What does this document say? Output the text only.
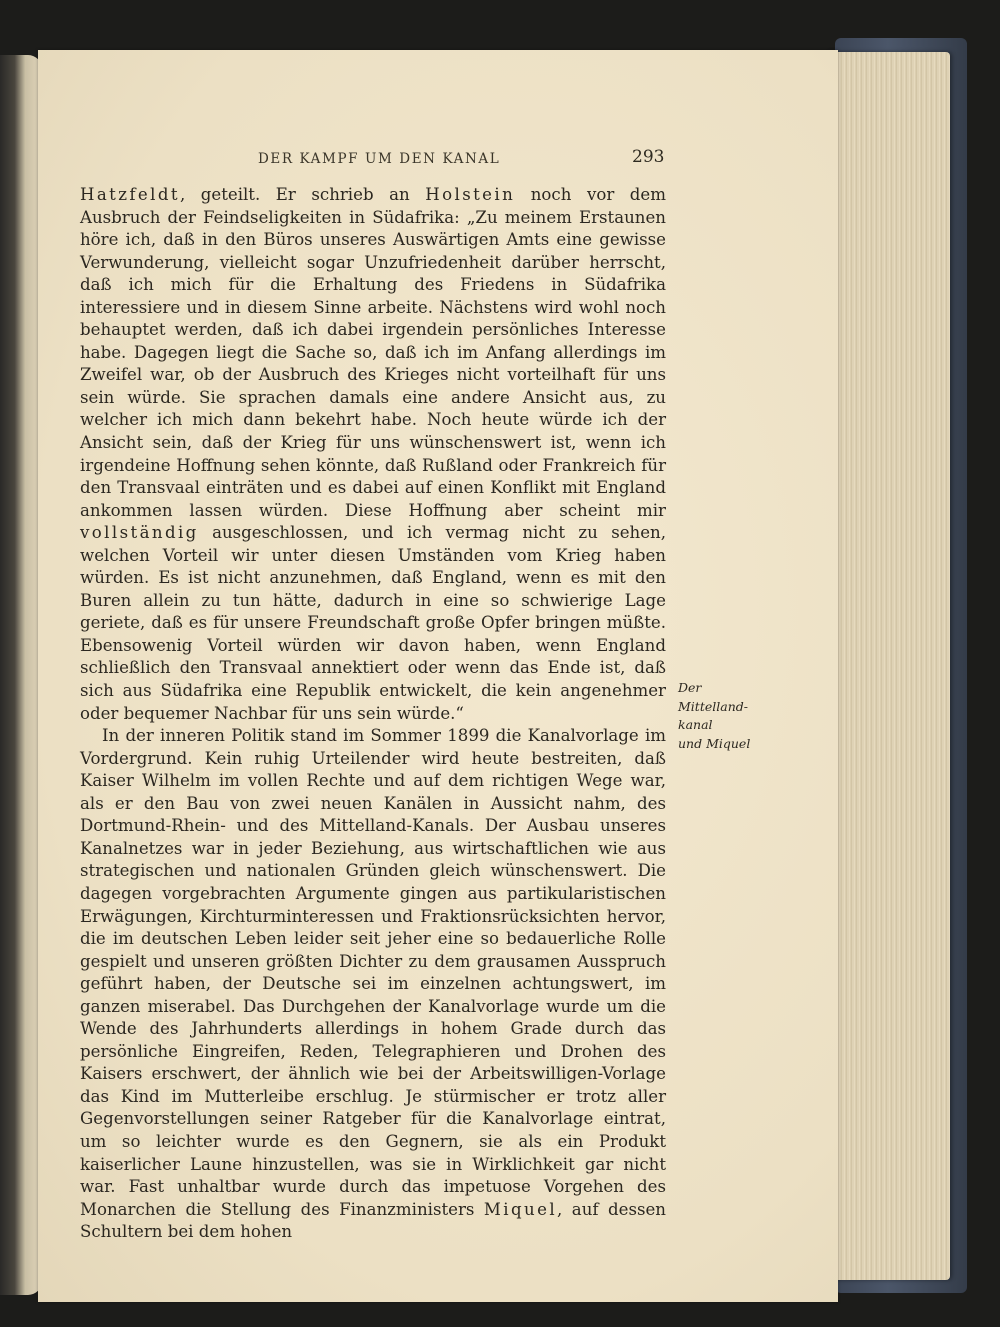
DER KAMPF UM DEN KANAL	293

Hatzfeldt, geteilt. Er schrieb an Holstein noch vor dem Ausbruch der Feindseligkeiten in Südafrika: „Zu meinem Erstaunen höre ich, daß in den Büros unseres Auswärtigen Amts eine gewisse Verwunderung, vielleicht sogar Unzufriedenheit darüber herrscht, daß ich mich für die Erhaltung des Friedens in Südafrika interessiere und in diesem Sinne arbeite. Nächstens wird wohl noch behauptet werden, daß ich dabei irgendein persönliches Interesse habe. Dagegen liegt die Sache so, daß ich im Anfang allerdings im Zweifel war, ob der Ausbruch des Krieges nicht vorteilhaft für uns sein würde. Sie sprachen damals eine andere Ansicht aus, zu welcher ich mich dann bekehrt habe. Noch heute würde ich der Ansicht sein, daß der Krieg für uns wünschenswert ist, wenn ich irgendeine Hoffnung sehen könnte, daß Rußland oder Frankreich für den Transvaal einträten und es dabei auf einen Konflikt mit England ankommen lassen würden. Diese Hoffnung aber scheint mir vollständig ausgeschlossen, und ich vermag nicht zu sehen, welchen Vorteil wir unter diesen Umständen vom Krieg haben würden. Es ist nicht anzunehmen, daß England, wenn es mit den Buren allein zu tun hätte, dadurch in eine so schwierige Lage geriete, daß es für unsere Freundschaft große Opfer bringen müßte. Ebensowenig Vorteil würden wir davon haben, wenn England schließlich den Transvaal annektiert oder wenn das Ende ist, daß sich aus Südafrika eine Republik entwickelt, die kein angenehmer oder bequemer Nachbar für uns sein würde.“

In der inneren Politik stand im Sommer 1899 die Kanalvorlage im Vordergrund. Kein ruhig Urteilender wird heute bestreiten, daß Kaiser Wilhelm im vollen Rechte und auf dem richtigen Wege war, als er den Bau von zwei neuen Kanälen in Aussicht nahm, des Dortmund-Rhein- und des Mittelland-Kanals. Der Ausbau unseres Kanalnetzes war in jeder Beziehung, aus wirtschaftlichen wie aus strategischen und nationalen Gründen gleich wünschenswert. Die dagegen vorgebrachten Argumente gingen aus partikularistischen Erwägungen, Kirchturminteressen und Fraktionsrücksichten hervor, die im deutschen Leben leider seit jeher eine so bedauerliche Rolle gespielt und unseren größten Dichter zu dem grausamen Ausspruch geführt haben, der Deutsche sei im einzelnen achtungswert, im ganzen miserabel. Das Durchgehen der Kanalvorlage wurde um die Wende des Jahrhunderts allerdings in hohem Grade durch das persönliche Eingreifen, Reden, Telegraphieren und Drohen des Kaisers erschwert, der ähnlich wie bei der Arbeitswilligen-Vorlage das Kind im Mutterleibe erschlug. Je stürmischer er trotz aller Gegenvorstellungen seiner Ratgeber für die Kanalvorlage eintrat, um so leichter wurde es den Gegnern, sie als ein Produkt kaiserlicher Laune hinzustellen, was sie in Wirklichkeit gar nicht war. Fast unhaltbar wurde durch das impetuose Vorgehen des Monarchen die Stellung des Finanzministers Miquel, auf dessen Schultern bei dem hohen

Der
Mittelland-
kanal
und Miquel
